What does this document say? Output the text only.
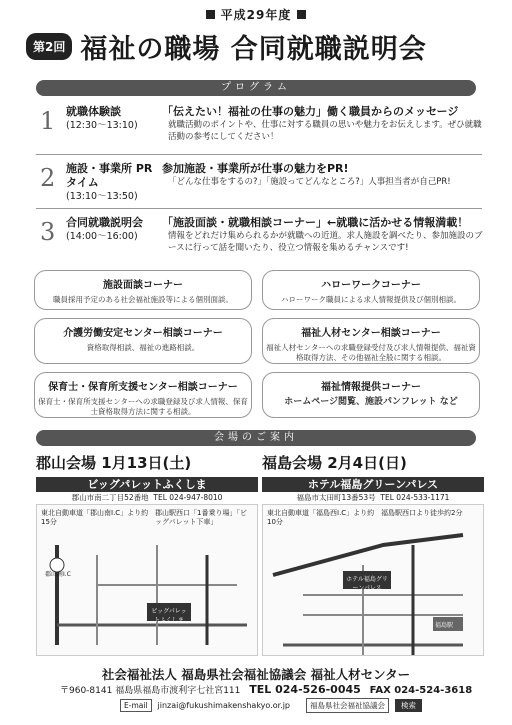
平成29年度
第2回 福祉の職場 合同就職説明会
プログラム
1 就職体験談
(12:30～13:10)
「伝えたい！福祉の仕事の魅力」働く職員からのメッセージ
就職活動のポイントや、仕事に対する職員の思いや魅力をお伝えします。ぜひ就職活動の参考にしてください！
2 施設・事業所 PR タイム
(13:10～13:50)
参加施設・事業所が仕事の魅力をPR!
「どんな仕事をするの?」「施設ってどんなところ?」人事担当者が自己PR!
3 合同就職説明会
(14:00～16:00)
「施設面談・就職相談コーナー」←就職に活かせる情報満載！
情報をどれだけ集められるかが就職への近道。求人施設を調べたり、参加施設のブースに行って話を聞いたり、役立つ情報を集めるチャンスです!
施設面談コーナー
職員採用予定のある社会福祉施設等による個別面談。
ハローワークコーナー
ハローワーク職員による求人情報提供及び個別相談。
介護労働安定センター相談コーナー
資格取得相談、福祉の進路相談。
福祉人材センター相談コーナー
福祉人材センターへの求職登録受付及び求人情報提供、福祉資格取得方法、その他福祉全般に関する相談。
保育士・保育所支援センター相談コーナー
保育士・保育所支援センターへの求職登録及び求人情報、保育士資格取得方法に関する相談。
福祉情報提供コーナー
ホームページ閲覧、施設パンフレット など
会場のご案内
郡山会場 1月13日(土)
ビッグパレットふくしま
郡山市南二丁目52番地 TEL 024-947-8010
東北自動車道「郡山南I.C」より約15分
郡山駅西口「1番乗り場」「ビッグパレット下車」
郡山南I.C
ビッグパレットふくしま
福島会場 2月4日(日)
ホテル福島グリーンパレス
福島市太田町13番53号 TEL 024-533-1171
東北自動車道「福島西I.C」より約10分
福島駅西口より徒歩約2分
ホテル福島グリーンパレス
福島駅
社会福祉法人 福島県社会福祉協議会 福祉人材センター
〒960-8141 福島県福島市渡利字七社宮111 TEL 024-526-0045 FAX 024-524-3618
E-mail	jinzai@fukushimakenshakyo.or.jp	福島県社会福祉協議会	検索
